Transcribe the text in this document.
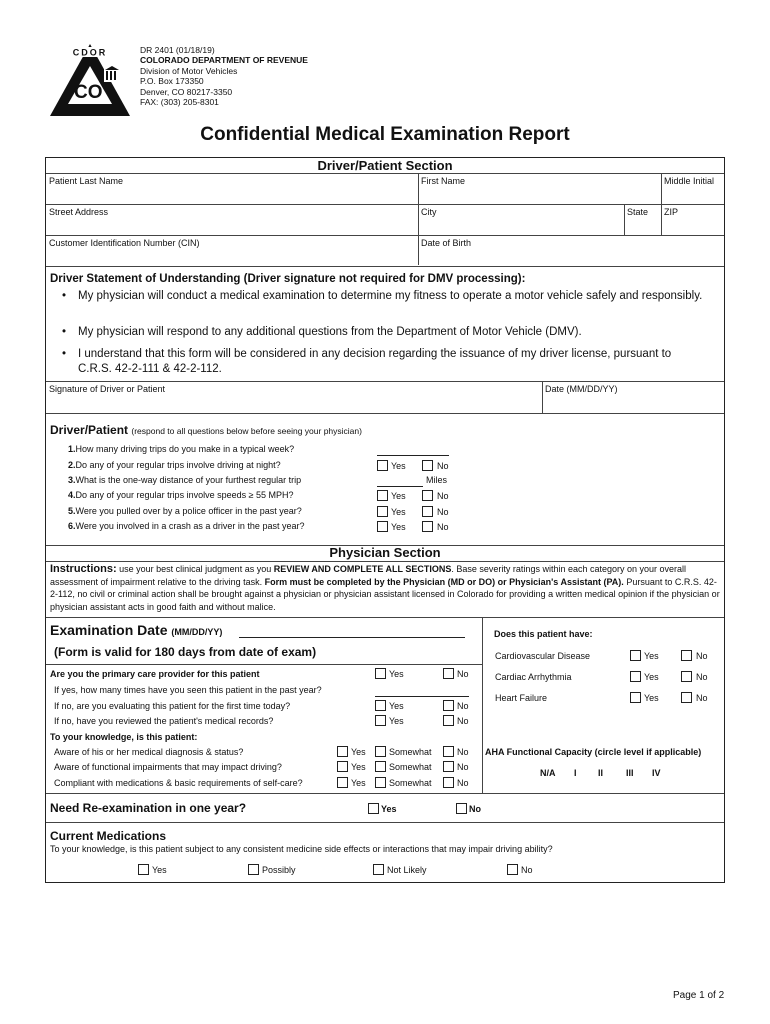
CDOR
CO
DR 2401 (01/18/19)
COLORADO DEPARTMENT OF REVENUE
Division of Motor Vehicles
P.O. Box 173350
Denver, CO 80217-3350
FAX: (303) 205-8301
Confidential Medical Examination Report
Driver/Patient Section
Patient Last Name	First Name	Middle Initial
Street Address	City	State ZIP
Customer Identification Number (CIN)	Date of Birth
Driver Statement of Understanding (Driver signature not required for DMV processing):
• My physician will conduct a medical examination to determine my fitness to operate a motor vehicle safely and responsibly.
• My physician will respond to any additional questions from the Department of Motor Vehicle (DMV).
• I understand that this form will be considered in any decision regarding the issuance of my driver license, pursuant to C.R.S. 42-2-111 & 42-2-112.
Signature of Driver or Patient	Date (MM/DD/YY)
Driver/Patient (respond to all questions below before seeing your physician)
1.How many driving trips do you make in a typical week?
2.Do any of your regular trips involve driving at night?	Yes	No
3.What is the one-way distance of your furthest regular trip	Miles
4.Do any of your regular trips involve speeds ≥ 55 MPH?	Yes	No
5.Were you pulled over by a police officer in the past year?	Yes	No
6.Were you involved in a crash as a driver in the past year?	Yes	No
Physician Section
Instructions: use your best clinical judgment as you REVIEW AND COMPLETE ALL SECTIONS. Base severity ratings within each category on your overall assessment of impairment relative to the driving task. Form must be completed by the Physician (MD or DO) or Physician's Assistant (PA). Pursuant to C.R.S. 42-2-112, no civil or criminal action shall be brought against a physician or physician assistant licensed in Colorado for providing a written medical opinion if the physician or physician assistant acts in good faith and without malice.
Examination Date (MM/DD/YY)
(Form is valid for 180 days from date of exam)
Does this patient have:
Cardiovascular Disease	Yes	No
Cardiac Arrhythmia	Yes	No
Heart Failure	Yes	No
AHA Functional Capacity (circle level if applicable)
N/A I II	III IV
Are you the primary care provider for this patient	Yes	No
If yes, how many times have you seen this patient in the past year?
If no, are you evaluating this patient for the first time today?	Yes	No
If no, have you reviewed the patient's medical records?	Yes	No
To your knowledge, is this patient:
Aware of his or her medical diagnosis & status?	Yes	Somewhat	No
Aware of functional impairments that may impact driving?	Yes	Somewhat	No
Compliant with medications & basic requirements of self-care?	Yes	Somewhat	No
Need Re-examination in one year?	Yes	No
Current Medications
To your knowledge, is this patient subject to any consistent medicine side effects or interactions that may impair driving ability?
Yes	Possibly	Not Likely	No
Page 1 of 2
